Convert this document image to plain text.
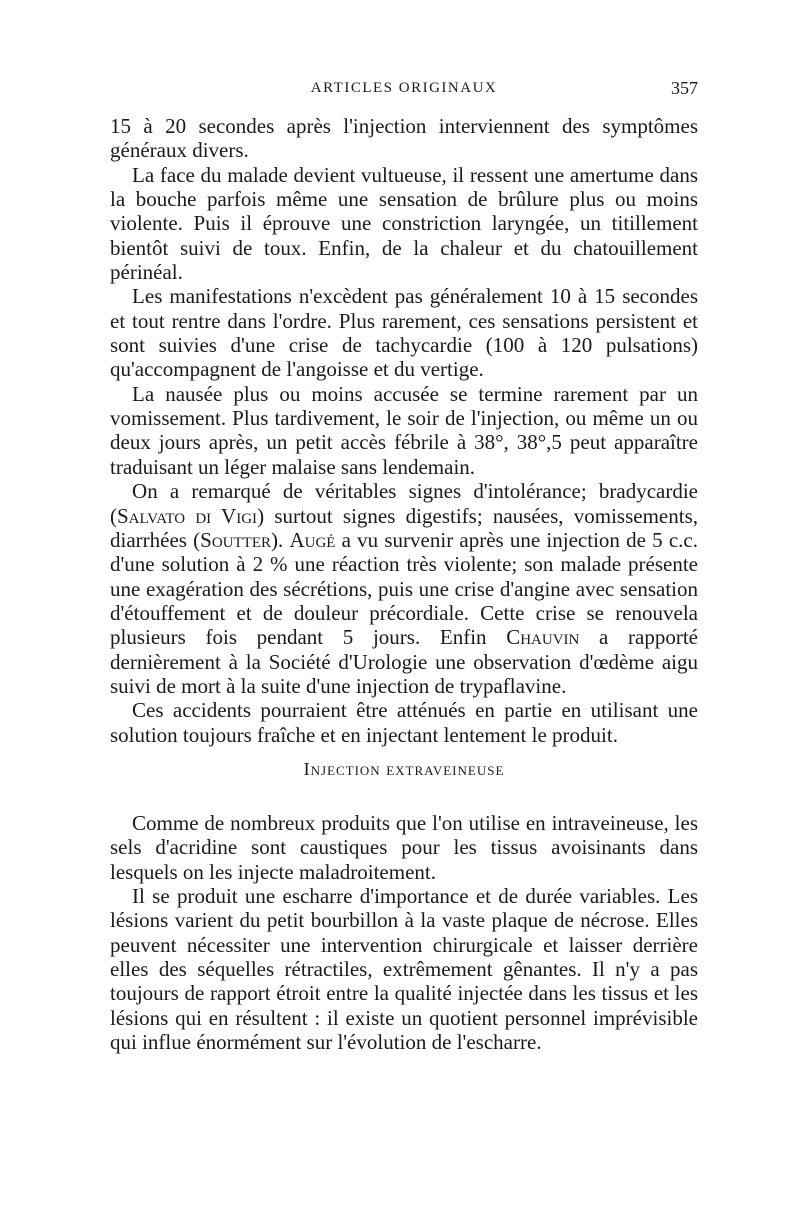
ARTICLES ORIGINAUX	357

15 à 20 secondes après l'injection interviennent des symptômes généraux divers.

La face du malade devient vultueuse, il ressent une amertume dans la bouche parfois même une sensation de brûlure plus ou moins violente. Puis il éprouve une constriction laryngée, un titillement bientôt suivi de toux. Enfin, de la chaleur et du chatouillement périnéal.

Les manifestations n'excèdent pas généralement 10 à 15 secondes et tout rentre dans l'ordre. Plus rarement, ces sensations persistent et sont suivies d'une crise de tachycardie (100 à 120 pulsations) qu'accompagnent de l'angoisse et du vertige.

La nausée plus ou moins accusée se termine rarement par un vomissement. Plus tardivement, le soir de l'injection, ou même un ou deux jours après, un petit accès fébrile à 38°, 38°,5 peut apparaître traduisant un léger malaise sans lendemain.

On a remarqué de véritables signes d'intolérance; bradycardie (Salvato di Vigi) surtout signes digestifs; nausées, vomissements, diarrhées (Soutter). Augé a vu survenir après une injection de 5 c.c. d'une solution à 2 % une réaction très violente; son malade présente une exagération des sécrétions, puis une crise d'angine avec sensation d'étouffement et de douleur précordiale. Cette crise se renouvela plusieurs fois pendant 5 jours. Enfin Chauvin a rapporté dernièrement à la Société d'Urologie une observation d'œdème aigu suivi de mort à la suite d'une injection de trypaflavine.

Ces accidents pourraient être atténués en partie en utilisant une solution toujours fraîche et en injectant lentement le produit.

Injection extraveineuse

Comme de nombreux produits que l'on utilise en intraveineuse, les sels d'acridine sont caustiques pour les tissus avoisinants dans lesquels on les injecte maladroitement.

Il se produit une escharre d'importance et de durée variables. Les lésions varient du petit bourbillon à la vaste plaque de nécrose. Elles peuvent nécessiter une intervention chirurgicale et laisser derrière elles des séquelles rétractiles, extrêmement gênantes. Il n'y a pas toujours de rapport étroit entre la qualité injectée dans les tissus et les lésions qui en résultent : il existe un quotient personnel imprévisible qui influe énormément sur l'évolution de l'escharre.
